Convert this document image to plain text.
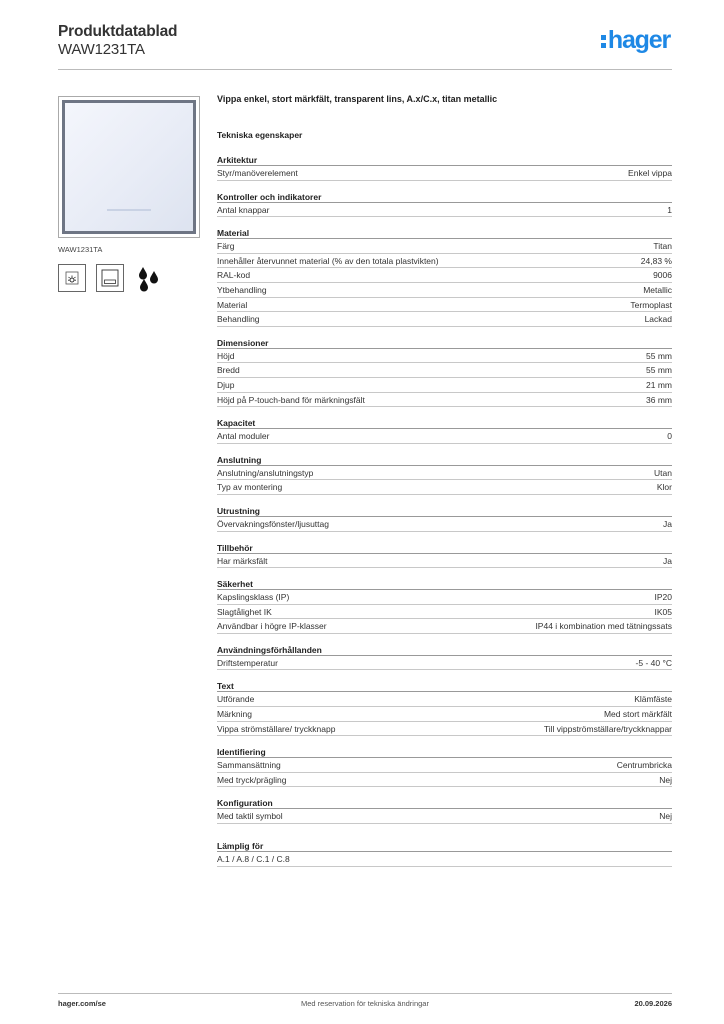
Produktdatablad
WAW1231TA	hager
WAW1231TA
Vippa enkel, stort märkfält, transparent lins, A.x/C.x, titan metallic
Tekniska egenskaper
Arkitektur
Styr/manöverelement	Enkel vippa
Kontroller och indikatorer
Antal knappar	1
Material
Färg	Titan
Innehåller återvunnet material (% av den totala plastvikten)	24,83 %
RAL-kod	9006
Ytbehandling	Metallic
Material	Termoplast
Behandling	Lackad
Dimensioner
Höjd	55 mm
Bredd	55 mm
Djup	21 mm
Höjd på P-touch-band för märkningsfält	36 mm
Kapacitet
Antal moduler	0
Anslutning
Anslutning/anslutningstyp	Utan
Typ av montering	Klor
Utrustning
Övervakningsfönster/ljusuttag	Ja
Tillbehör
Har märksfält	Ja
Säkerhet
Kapslingsklass (IP)	IP20
Slagtålighet IK	IK05
Användbar i högre IP-klasser	IP44 i kombination med tätningssats
Användningsförhållanden
Driftstemperatur	-5 - 40 °C
Text
Utförande	Klämfäste
Märkning	Med stort märkfält
Vippa strömställare/ tryckknapp	Till vippströmställare/tryckknappar
Identifiering
Sammansättning	Centrumbricka
Med tryck/prägling	Nej
Konfiguration
Med taktil symbol	Nej
Lämplig för
A.1 / A.8 / C.1 / C.8
hager.com/se	Med reservation för tekniska ändringar	20.09.2026
